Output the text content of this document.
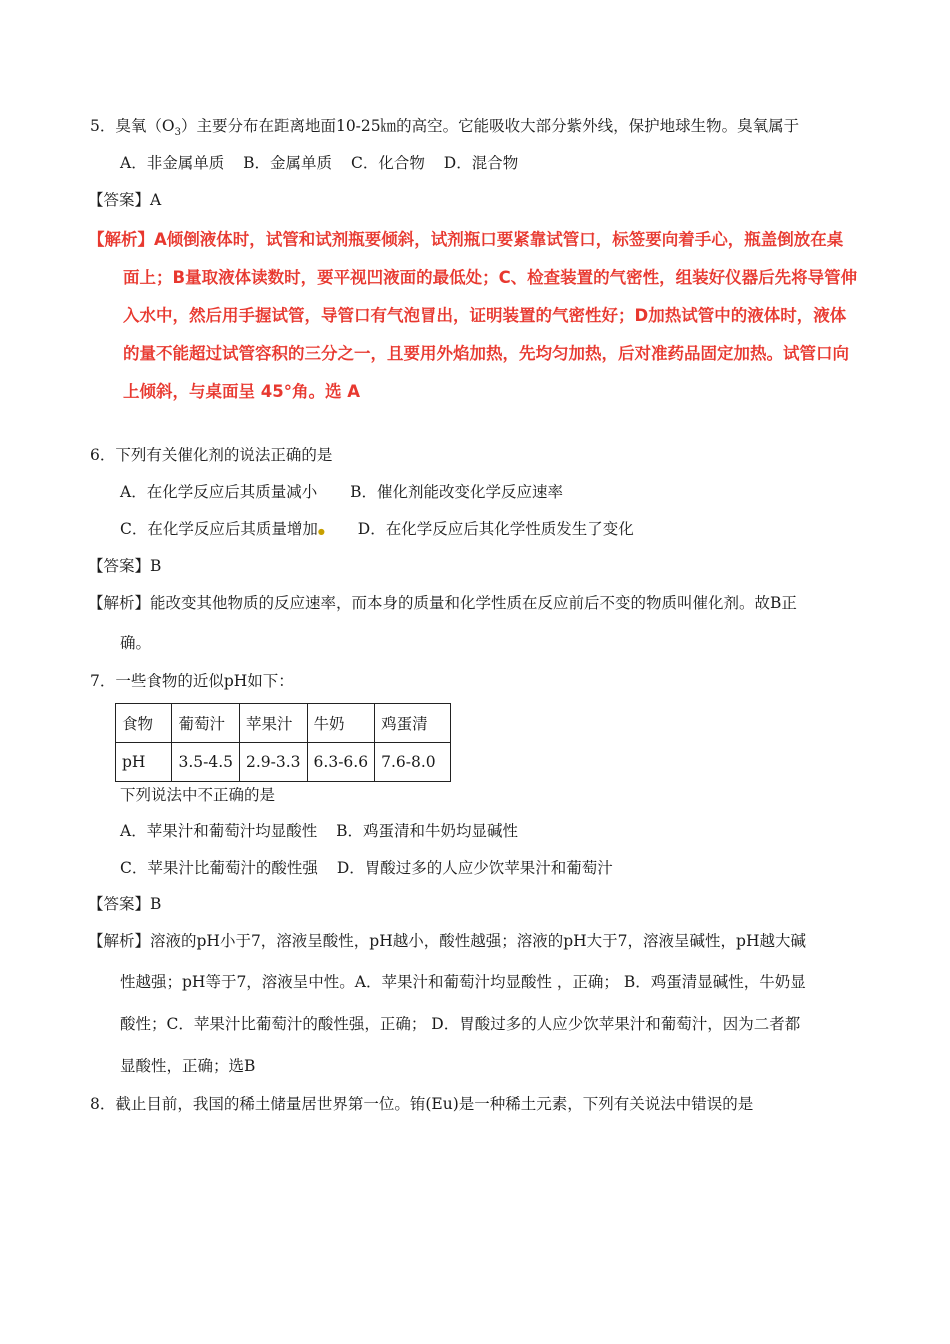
5．臭氧$(O_3)$主要分布在距离地面10-25㎞的高空。它能吸收大部分紫外线，保护地球生物。臭氧属于
A．非金属单质 B．金属单质 C．化合物 D．混合物
【答案】A
【解析】A倾倒液体时，试管和试剂瓶要倾斜，试剂瓶口要紧靠试管口，标签要向着手心，瓶盖倒放在桌
面上；B量取液体读数时，要平视凹液面的最低处；C、检查装置的气密性，组装好仪器后先将导管伸
入水中，然后用手握试管，导管口有气泡冒出，证明装置的气密性好；D加热试管中的液体时，液体
的量不能超过试管容积的三分之一，且要用外焰加热，先均匀加热，后对准药品固定加热。试管口向
上倾斜，与桌面呈 45°角。选 A
6．下列有关催化剂的说法正确的是
A．在化学反应后其质量减小 B．催化剂能改变化学反应速率
C．在化学反应后其质量增加● D．在化学反应后其化学性质发生了变化
【答案】B
【解析】能改变其他物质的反应速率，而本身的质量和化学性质在反应前后不变的物质叫催化剂。故B正
确。
7．一些食物的近似pH如下：
食物	葡萄汁	苹果汁	牛奶	鸡蛋清
pH	3.5-4.5	2.9-3.3	6.3-6.6	7.6-8.0
下列说法中不正确的是
A．苹果汁和葡萄汁均显酸性 B．鸡蛋清和牛奶均显碱性
C．苹果汁比葡萄汁的酸性强 D．胃酸过多的人应少饮苹果汁和葡萄汁
【答案】B
【解析】溶液的pH小于7，溶液呈酸性，pH越小，酸性越强；溶液的pH大于7，溶液呈碱性，pH越大碱
性越强；pH等于7，溶液呈中性。A．苹果汁和葡萄汁均显酸性 ，正确； B．鸡蛋清显碱性，牛奶显
酸性；C．苹果汁比葡萄汁的酸性强，正确； D．胃酸过多的人应少饮苹果汁和葡萄汁，因为二者都
显酸性，正确；选B
8．截止目前，我国的稀土储量居世界第一位。铕(Eu)是一种稀土元素，下列有关说法中错误的是
